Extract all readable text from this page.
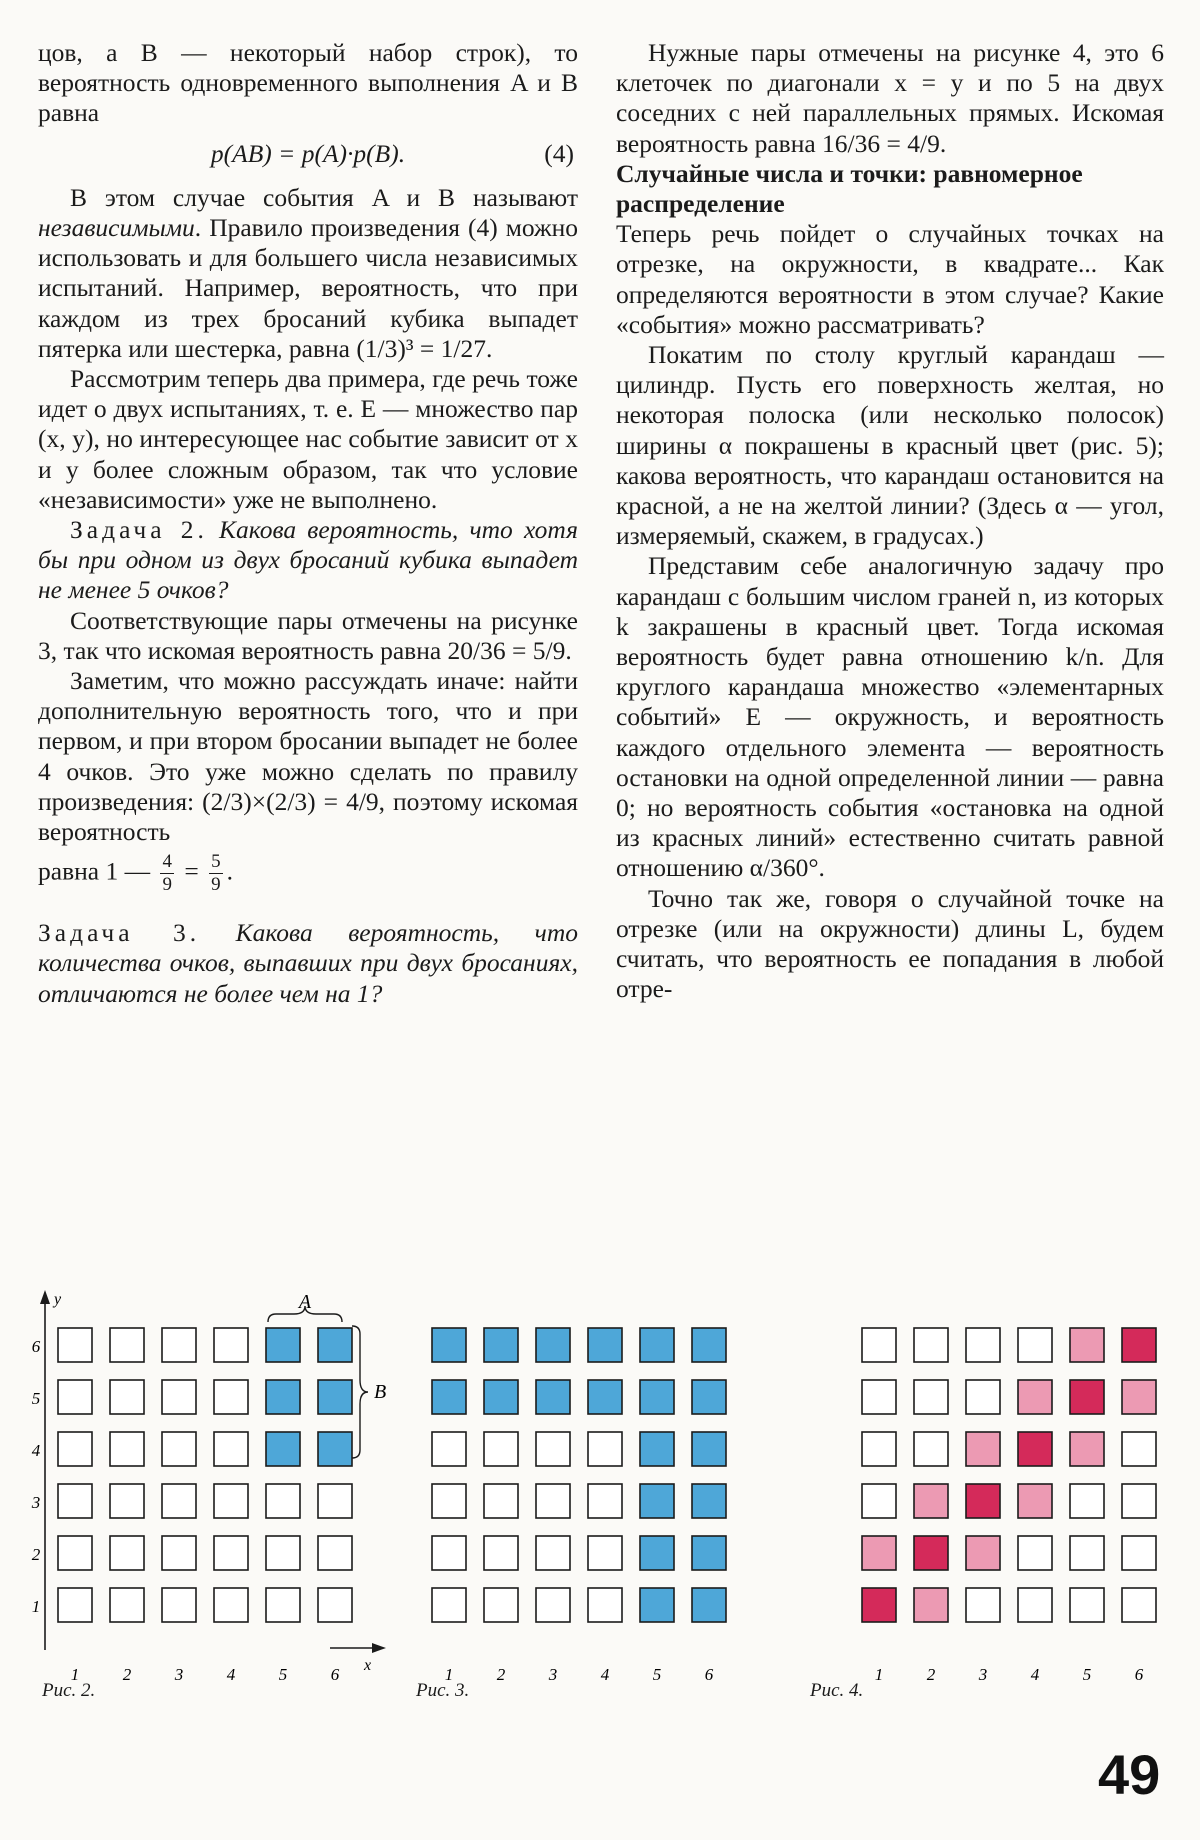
цов, а B — некоторый набор строк), то вероятность одновременного выполнения A и B равна

p(AB) = p(A)·p(B).	(4)

В этом случае события A и B называют независимыми. Правило произведения (4) можно использовать и для большего числа независимых испытаний. Например, вероятность, что при каждом из трех бросаний кубика выпадет пятерка или шестерка, равна (1/3)³ = 1/27.

Рассмотрим теперь два примера, где речь тоже идет о двух испытаниях, т. е. E — множество пар (x, y), но интересующее нас событие зависит от x и y более сложным образом, так что условие «независимости» уже не выполнено.

Задача 2. Какова вероятность, что хотя бы при одном из двух бросаний кубика выпадет не менее 5 очков?

Соответствующие пары отмечены на рисунке 3, так что искомая вероятность равна 20/36 = 5/9.

Заметим, что можно рассуждать иначе: найти дополнительную вероятность того, что и при первом, и при втором бросании выпадет не более 4 очков. Это уже можно сделать по правилу произведения: (2/3)×(2/3) = 4/9, поэтому искомая вероятность

равна 1 — $\frac{4}{9} = \frac{5}{9}$ .

Задача 3. Какова вероятность, что количества очков, выпавших при двух бросаниях, отличаются не более чем на 1?

Нужные пары отмечены на рисунке 4, это 6 клеточек по диагонали x = y и по 5 на двух соседних с ней параллельных прямых. Искомая вероятность равна 16/36 = 4/9.

Случайные числа и точки: равномерное распределение

Теперь речь пойдет о случайных точках на отрезке, на окружности, в квадрате... Как определяются вероятности в этом случае? Какие «события» можно рассматривать?

Покатим по столу круглый карандаш — цилиндр. Пусть его поверхность желтая, но некоторая полоска (или несколько полосок) ширины α покрашены в красный цвет (рис. 5); какова вероятность, что карандаш остановится на красной, а не на желтой линии? (Здесь α — угол, измеряемый, скажем, в градусах.)

Представим себе аналогичную задачу про карандаш с большим числом граней n, из которых k закрашены в красный цвет. Тогда искомая вероятность будет равна отношению k/n. Для круглого карандаша множество «элементарных событий» E — окружность, и вероятность каждого отдельного элемента — вероятность остановки на одной определенной линии — равна 0; но вероятность события «остановка на одной из красных линий» естественно считать равной отношению α/360°.

Точно так же, говоря о случайной точке на отрезке (или на окружности) длины L, будем считать, что вероятность ее попадания в любой отре-

y
x
1	2	3	4	5	6
1
2
3
4
5
6
A
B
Рис. 2.
1	2	3	4	5	6
Рис. 3.
1	2	3	4	5	6
Рис. 4.
49
